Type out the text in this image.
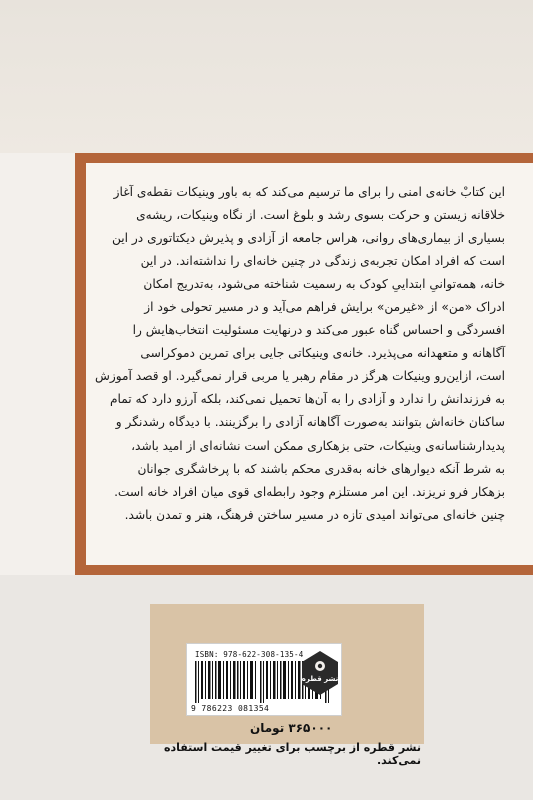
این کتابْ خانه‌ی امنی را برای ما ترسیم می‌کند که به باور وینیکات نقطه‌ی آغاز

خلاقانه زیستن و حرکت بسوی رشد و بلوغ است. از نگاه وینیکات، ریشه‌ی

بسیاری از بیماری‌های روانی، هراس جامعه از آزادی و پذیرش دیکتاتوری در این

است که افراد امکان تجربه‌ی زندگی در چنین خانه‌ای را نداشته‌اند. در این

خانه، همه‌توانیِ ابتداییِ کودک به رسمیت شناخته می‌شود، به‌تدریج امکان

ادراک «من» از «غیرمن» برایش فراهم می‌آید و در مسیر تحولی خود از

افسردگی و احساس گناه عبور می‌کند و درنهایت مسئولیت انتخاب‌هایش را

آگاهانه و متعهدانه می‌پذیرد. خانه‌ی وینیکاتی جایی برای تمرین دموکراسی

است، ازاین‌رو وینیکات هرگز در مقام رهبر یا مربی قرار نمی‌گیرد. او قصد آموزش

به فرزندانش را ندارد و آزادی را به آن‌ها تحمیل نمی‌کند، بلکه آرزو دارد که تمام

ساکنان خانه‌اش بتوانند به‌صورت آگاهانه آزادی را برگزینند. با دیدگاه رشدنگر و

پدیدارشناسانه‌ی وینیکات، حتی بزهکاری ممکن است نشانه‌ای از امید باشد،

به شرط آنکه دیوارهای خانه به‌قدری محکم باشند که با پرخاشگری جوانان

بزهکار فرو نریزند. این امر مستلزم وجود رابطه‌ای قوی میان افراد خانه است.

چنین خانه‌ای می‌تواند امیدی تازه در مسیر ساختن فرهنگ، هنر و تمدن باشد.

ISBN: 978-622-308-135-4
9 786223 081354
نشر قطره
۳۶۵۰۰۰ تومان
نشر قطره از برچسب برای تغییر قیمت استفاده نمی‌کند.
